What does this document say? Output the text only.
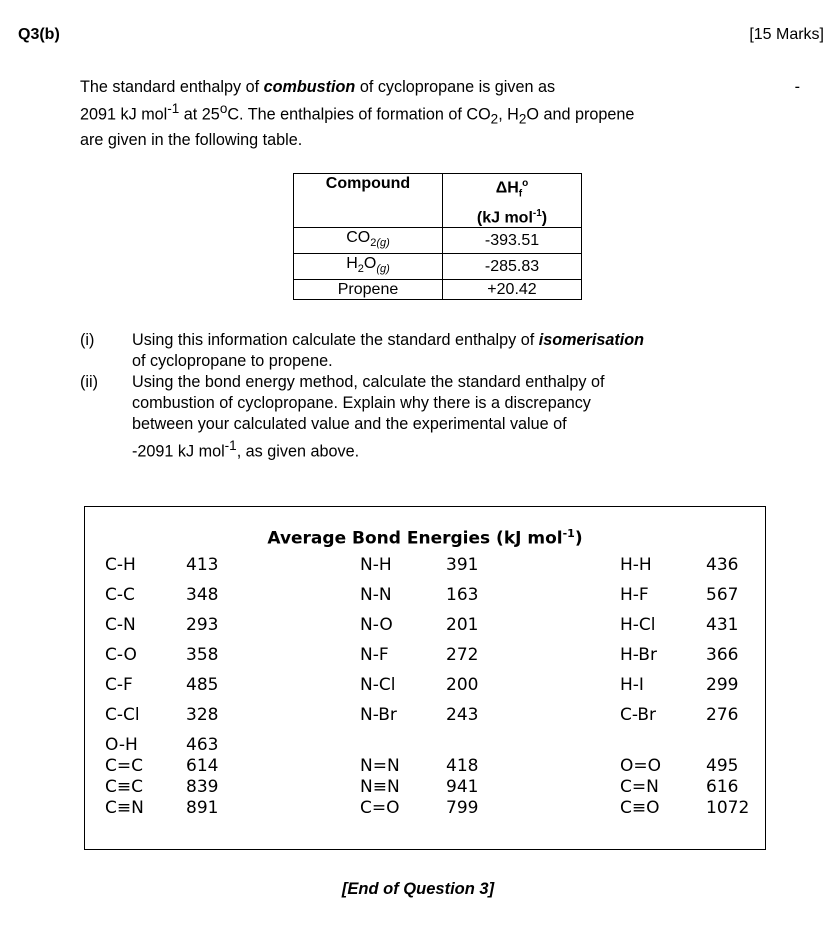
Q3(b)	[15 Marks]

The standard enthalpy of combustion of cyclopropane is given as	-

2091 kJ mol$^{-1}$ at 25$^o$C. The enthalpies of formation of $CO_2$, $H_2O$ and propene

are given in the following table.

Compound	$\Delta H_f^o$
(kJ mol$^{-1}$)
$CO_{2(g)}$	-393.51
$H_2O_{(g)}$	-285.83
Propene	+20.42
(i)	Using this information calculate the standard enthalpy of isomerisation
of cyclopropane to propene.
(ii)	Using the bond energy method, calculate the standard enthalpy of
combustion of cyclopropane. Explain why there is a discrepancy
between your calculated value and the experimental value of
-2091 kJ mol$^{-1}$, as given above.
Average Bond Energies (kJ mol$^{-1}$)
C-H	413	N-H	391	H-H	436
C-C	348	N-N	163	H-F	567
C-N	293	N-O	201	H-Cl	431
C-O	358	N-F	272	H-Br	366
C-F	485	N-Cl	200	H-I	299
C-Cl	328	N-Br	243	C-Br	276
O-H	463
C=C	614	N=N	418	O=O	495
C≡C	839	N≡N	941	C=N	616
C≡N 891	C=O	799	C≡O	1072
[End of Question 3]
